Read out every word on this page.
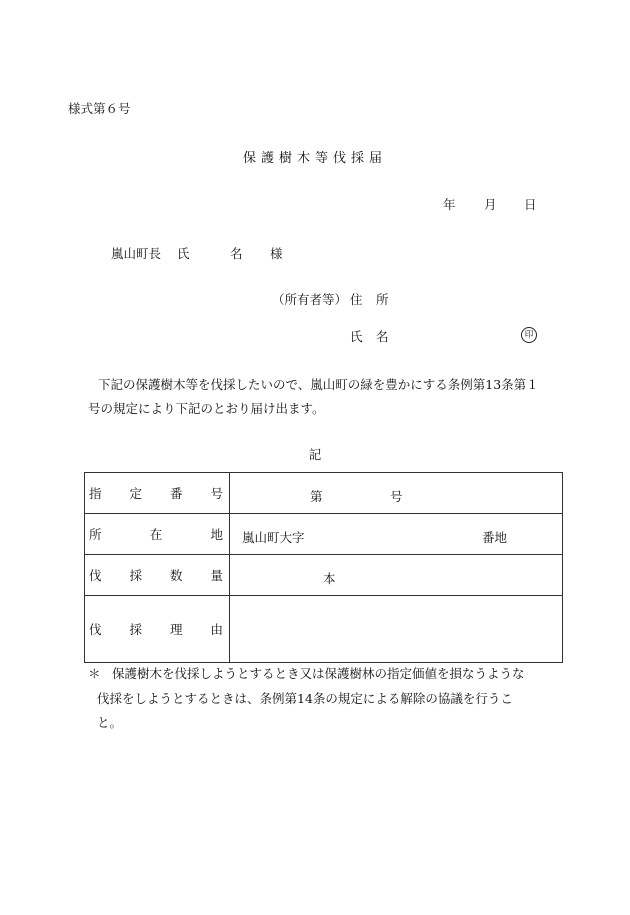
様式第６号
保護樹木等伐採届
年 月 日
嵐山町長 氏	名 様
（所有者等） 住 所
氏 名	印
下記の保護樹木等を伐採したいので、嵐山町の緑を豊かにする条例第13条第１
号の規定により下記のとおり届け出ます。
記
指 定 番 号	第 号

所 在 地	嵐山町大字 番地

伐 採 数 量	本

伐 採 理 由	

＊ 保護樹木を伐採しようとするとき又は保護樹林の指定価値を損なうような
伐採をしようとするときは、条例第14条の規定による解除の協議を行うこ
と。
